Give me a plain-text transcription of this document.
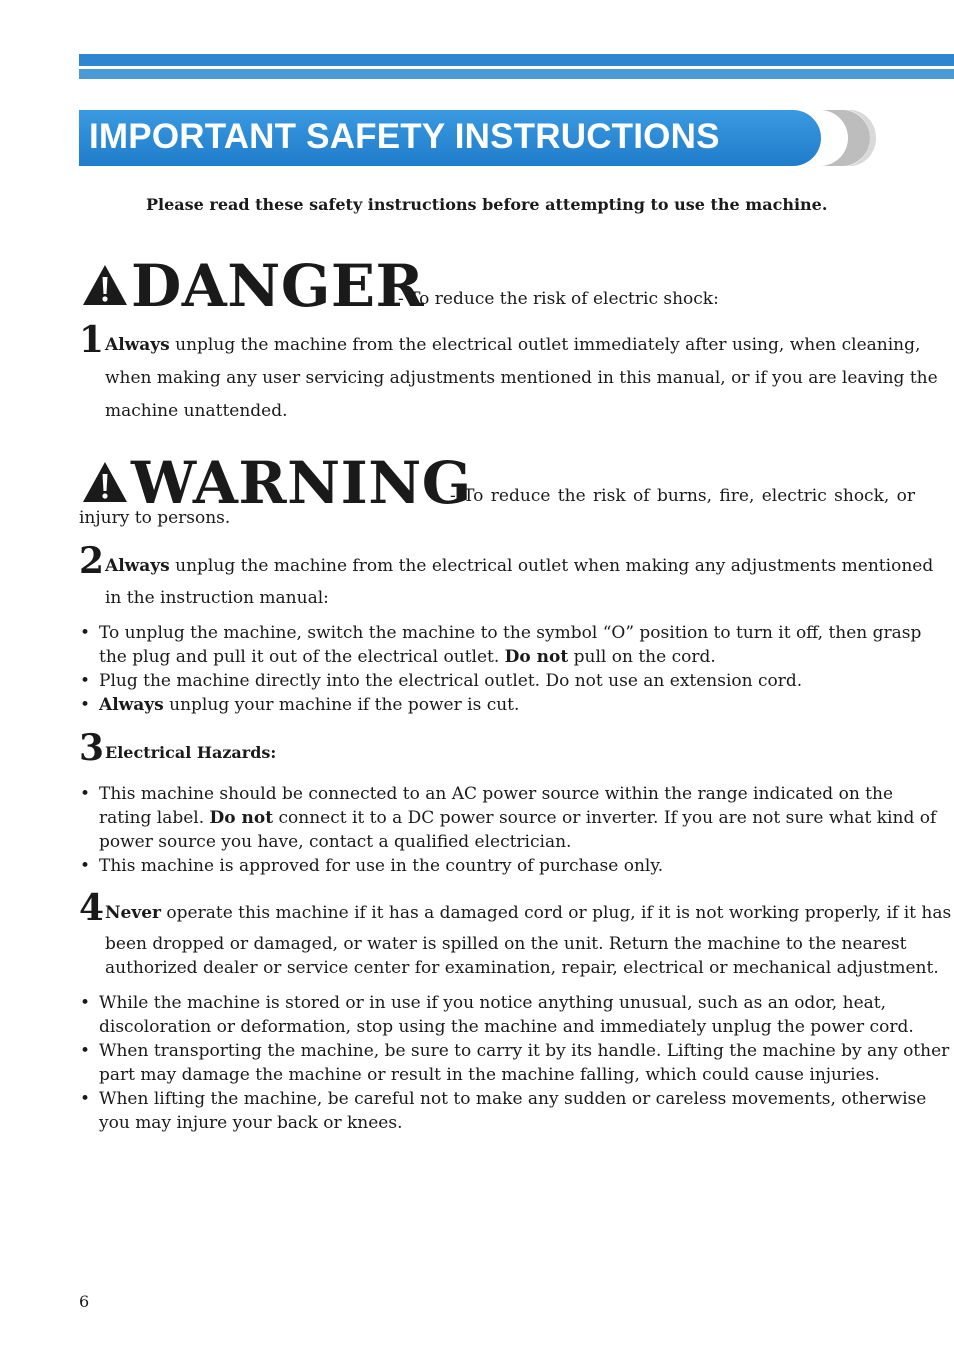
IMPORTANT SAFETY INSTRUCTIONS
Please read these safety instructions before attempting to use the machine.
DANGER
- To reduce the risk of electric shock:
1 Always unplug the machine from the electrical outlet immediately after using, when cleaning,
when making any user servicing adjustments mentioned in this manual, or if you are leaving the
machine unattended.
WARNING
- To reduce the risk of burns, fire, electric shock, or
injury to persons.
2 Always unplug the machine from the electrical outlet when making any adjustments mentioned
in the instruction manual:
• To unplug the machine, switch the machine to the symbol “O” position to turn it off, then grasp
the plug and pull it out of the electrical outlet. Do not pull on the cord.
• Plug the machine directly into the electrical outlet. Do not use an extension cord.
• Always unplug your machine if the power is cut.
3 Electrical Hazards:
• This machine should be connected to an AC power source within the range indicated on the
rating label. Do not connect it to a DC power source or inverter. If you are not sure what kind of
power source you have, contact a qualified electrician.
• This machine is approved for use in the country of purchase only.
4 Never operate this machine if it has a damaged cord or plug, if it is not working properly, if it has
been dropped or damaged, or water is spilled on the unit. Return the machine to the nearest
authorized dealer or service center for examination, repair, electrical or mechanical adjustment.
• While the machine is stored or in use if you notice anything unusual, such as an odor, heat,
discoloration or deformation, stop using the machine and immediately unplug the power cord.
• When transporting the machine, be sure to carry it by its handle. Lifting the machine by any other
part may damage the machine or result in the machine falling, which could cause injuries.
• When lifting the machine, be careful not to make any sudden or careless movements, otherwise
you may injure your back or knees.
6
